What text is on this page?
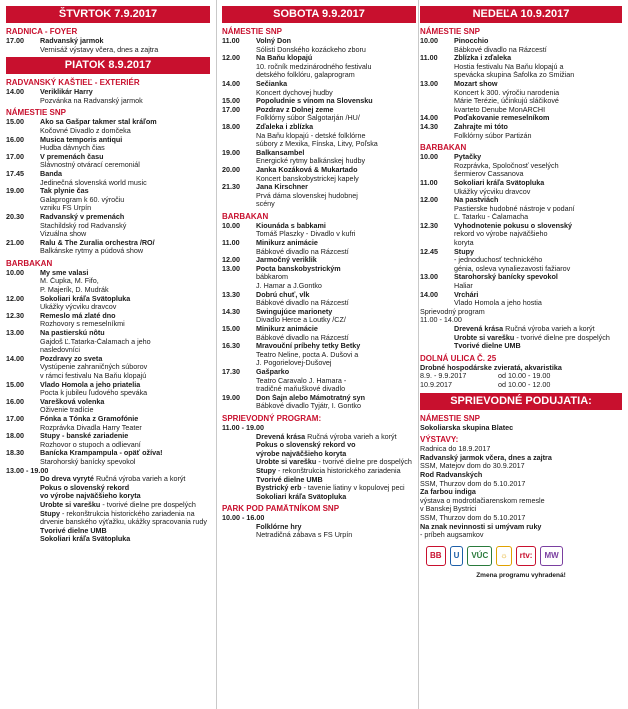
ŠTVRTOK 7.9.2017
RADNICA - FOYER
17.00	Radvanský jarmok
Vernisáž výstavy včera, dnes a zajtra
PIATOK 8.9.2017
RADVANSKÝ KAŠTIEĽ - EXTERIÉR
14.00	Veriklikár Harry
Pozvánka na Radvanský jarmok
NÁMESTIE SNP
15.00	Ako sa Gašpar takmer stal kráľom
Kočovné Divadlo z domčeka
16.00	Musica temporis antiqui
Hudba dávnych čias
17.00	V premenách času
Slávnostný otvárací ceremoniál
17.45	Banda
Jedinečná slovenská world music
19.00	Tak plynie čas
Galaprogram k 60. výročiu
vzniku FS Urpín
20.30	Radvanský v premenách
Stachildský rod Radvanský
Vizuálna show
21.00	Ralu & The Zuralia orchestra /RO/
Balkánske rytmy a púdová show
BARBAKAN
10.00	My sme valasi
M. Čupka, M. Fifo,
P. Majerík, D. Mudrák
12.00	Sokoliari kráľa Svätopluka
Ukážky výcviku dravcov
12.30	Remeslo má zlaté dno
Rozhovory s remeselníkmi
13.00	Na pastierskú nôtu
Gajdoš Ľ.Tatarka-Čalamach a jeho
nasledovníci
14.00	Pozdravy zo sveta
Vystúpenie zahraničných súborov
v rámci festivalu Na Baňu klopajú
15.00	Vlado Homola a jeho priatelia
Pocta k jubileu ľudového speváka
16.00	Varešková volenka
Oživenie tradície
17.00	Fónka a Tónka z Gramofónie
Rozprávka Divadla Harry Teater
18.00	Stupy - banské zariadenie
Rozhovor o stupoch a odlievaní
18.30	Banícka Krampampula - opäť ožíva!
Starohorský banícky spevokol
13.00 - 19.00
Do dreva vyryté Ručná výroba varieh a korýt
Pokus o slovenský rekord
vo výrobe najväčšieho koryta
Urobte si varešku - tvorivé dielne pre dospelých
Stupy - rekonštrukcia historického zariadenia na drvenie banského výťažku, ukážky spracovania rudy
Tvorivé dielne UMB
Sokoliari kráľa Svätopluka
SOBOTA 9.9.2017
NÁMESTIE SNP
11.00	Volný Don
Sólisti Donského kozáckeho zboru
12.00	Na Baňu klopajú
10. ročník medzinárodného festivalu
detského folklóru, galaprogram
14.00	Sečianka
Koncert dychovej hudby
15.00	Popoludnie s vínom na Slovensku
17.00	Pozdrav z Dolnej zeme
Folklórny súbor Šalgotarján /HU/
18.00	Zďaleka i zblízka
Na Baňu klopajú - detské folklórne
súbory z Mexika, Fínska, Litvy, Poľska
19.00	Balkansambel
Energické rytmy balkánskej hudby
20.00	Janka Kozáková & Mukartado
Koncert banskobystrickej kapely
21.30	Jana Kirschner
Prvá dáma slovenskej hudobnej
scény
BARBAKAN
10.00	Kiounáda s babkami
Tomáš Plaszky - Divadlo v kufri
11.00	Minikurz animácie
Bábkové divadlo na Rázcestí
12.00	Jarmočný veriklik
13.00	Pocta banskobystrickým
bábkarom
J. Hamar a J.Gontko
13.30	Dobrú chuť, vĺk
Bábkové divadlo na Rázcestí
14.30	Swingujúce marionety
Divadlo Herce a Loutky /CZ/
15.00	Minikurz animácie
Bábkové divadlo na Rázcestí
16.30	Mravouční príbehy tetky Betky
Teatro Neline, pocta A. Dušovi a
J. Pogorielovej-Dušovej
17.30	Gašparko
Teatro Caravalo J. Hamara -
tradičné maňuškové divadlo
19.00	Don Šajn alebo Mámotratný syn
Bábkové divadlo Tyjátr, I. Gontko
SPRIEVODNÝ PROGRAM:
11.00 - 19.00
Drevená krása Ručná výroba varieh a korýt
Pokus o slovenský rekord vo
výrobe najväčšieho koryta
Urobte si varešku - tvorivé dielne pre dospelých
Stupy - rekonštrukcia historického zariadenia
Tvorivé dielne UMB
Bystrický erb - tavenie liatiny v kopulovej peci
Sokoliari kráľa Svätopluka
PARK POD PAMÄTNÍKOM SNP
10.00 - 16.00
Folklórne hry
Netradičná zábava s FS Urpín
NEDEĽA 10.9.2017
NÁMESTIE SNP
10.00	Pinocchio
Bábkové divadlo na Rázcestí
11.00	Zblízka i zďaleka
Hostia festivalu Na Baňu klopajú a
spevácka skupina Šafolka zo Smižian
13.00	Mozart show
Koncert k 300. výročiu narodenia
Márie Terézie, účinkujú sláčikové
kvarteto Denube MonARCHI
14.00	Poďakovanie remeselníkom
14.30	Zahrajte mi tóto
Folklórny súbor Partizán
BARBAKAN
10.00	Pytačky
Rozprávka, Spoločnosť veselých
šermierov Cassanova
11.00	Sokoliari kráľa Svätopluka
Ukážky výcviku dravcov
12.00	Na pastviách
Pastierske hudobné nástroje v podaní
Ľ. Tatarku - Čalamacha
12.30	Vyhodnotenie pokusu o slovenský
rekord vo výrobe najväčšieho
koryta
12.45	Stupy
- jednoduchosť technického
génia, osleva vynaliezavosti fažiarov
13.00	Starohorský banícky spevokol
Haliar
14.00	Vrchári
Vlado Homola a jeho hostia
Sprievodný program
11.00 - 14.00
Drevená krása Ručná výroba varieh a korýt
Urobte si varešku - tvorivé dielne pre dospelých
Tvorivé dielne UMB
DOLNÁ ULICA Č. 25
Drobné hospodárske zvieratá, akvaristika
8.9. - 9.9.2017	od 10.00 - 19.00
10.9.2017	od 10.00 - 12.00
SPRIEVODNÉ PODUJATIA:
NÁMESTIE SNP
Sokoliarska skupina Blatec
VÝSTAVY:
Radnica do 18.9.2017
Radvanský jarmok včera, dnes a zajtra
SSM, Matejov dom do 30.9.2017
Rod Radvanských
SSM, Thurzov dom do 5.10.2017
Za farbou indiga
výstava o modrotlačiarenskom remesle
v Banskej Bystrici
SSM, Thurzov dom do 5.10.2017
Na znak nevinnosti si umývam ruky
- príbeh augsamkov
BB	U	VÚC	☼	rtv:	MW
Zmena programu vyhradená!
